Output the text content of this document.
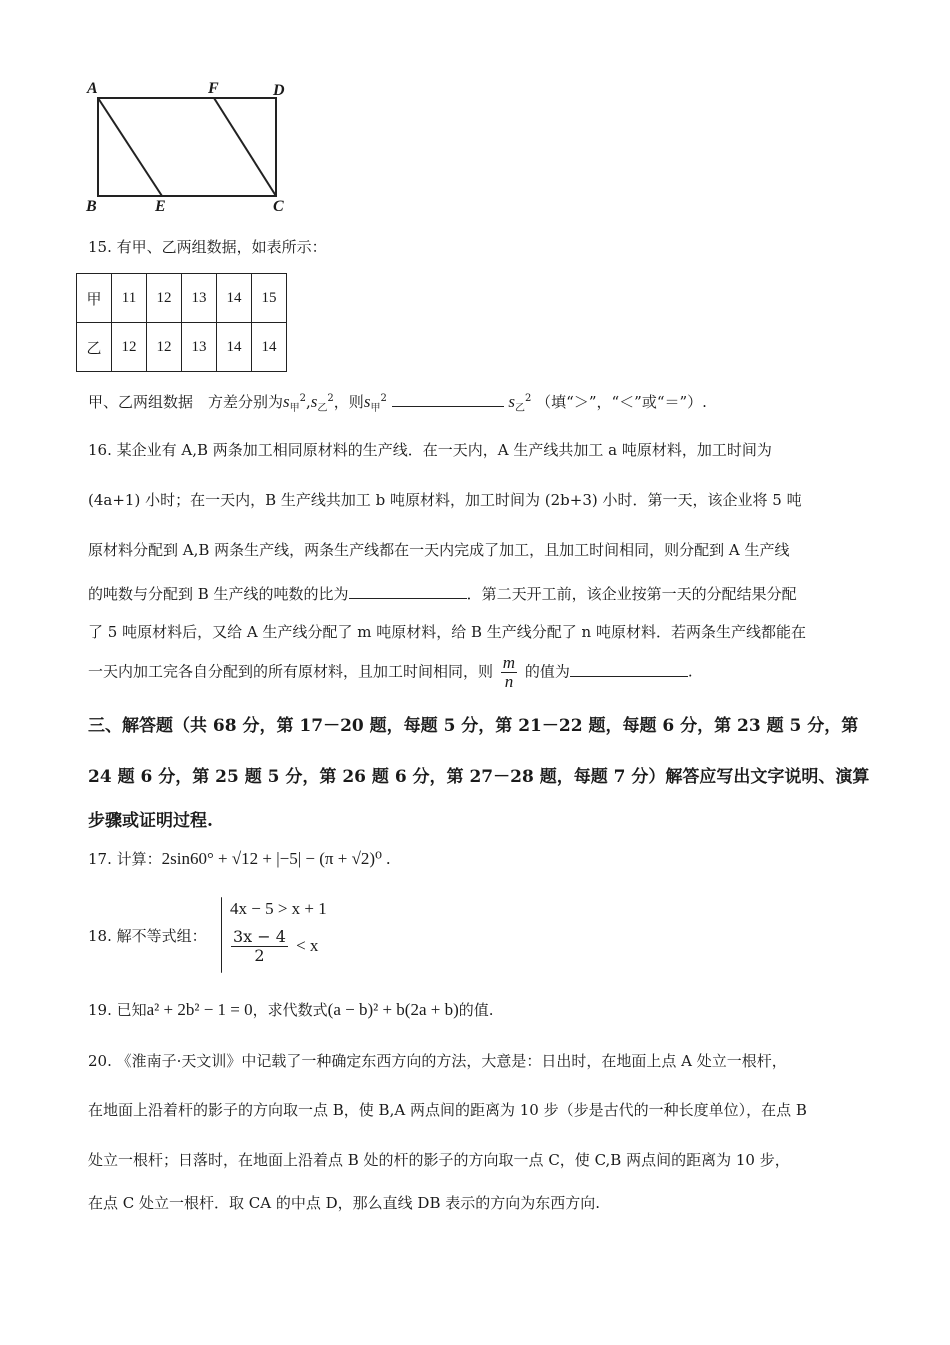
A	F	D
B	E	C
15. 有甲、乙两组数据，如表所示：
甲	11	12	13	14	15
乙	12	12	13	14	14
甲、乙两组数据　方差分别为$s_甲^2,s_乙^2$，则$s_甲^2$	$s_乙^2$ （填“＞”，“＜”或“＝”）.
16. 某企业有 A,B 两条加工相同原材料的生产线．在一天内，A 生产线共加工 a 吨原材料，加工时间为
(4a+1) 小时；在一天内，B 生产线共加工 b 吨原材料，加工时间为 (2b+3) 小时．第一天，该企业将 5 吨
原材料分配到 A,B 两条生产线，两条生产线都在一天内完成了加工，且加工时间相同，则分配到 A 生产线
的吨数与分配到 B 生产线的吨数的比为	．第二天开工前，该企业按第一天的分配结果分配
了 5 吨原材料后，又给 A 生产线分配了 m 吨原材料，给 B 生产线分配了 n 吨原材料．若两条生产线都能在
一天内加工完各自分配到的所有原材料，且加工时间相同，则 $\frac{m}{n}$ 的值为	.
三、解答题（共 68 分，第 17－20 题，每题 5 分，第 21－22 题，每题 6 分，第 23 题 5 分，第
24 题 6 分，第 25 题 5 分，第 26 题 6 分，第 27－28 题，每题 7 分）解答应写出文字说明、演算
步骤或证明过程.
17. 计算：2sin60° + √12 + |−5| − (π + √2)⁰ .
18. 解不等式组：
4x − 5 > x + 1
$\frac{3x - 4}{2} < x$
19. 已知a² + 2b² − 1 = 0，求代数式(a − b)² + b(2a + b)的值.
20. 《淮南子·天文训》中记载了一种确定东西方向的方法，大意是：日出时，在地面上点 A 处立一根杆，
在地面上沿着杆的影子的方向取一点 B，使 B,A 两点间的距离为 10 步（步是古代的一种长度单位），在点 B
处立一根杆；日落时，在地面上沿着点 B 处的杆的影子的方向取一点 C，使 C,B 两点间的距离为 10 步，
在点 C 处立一根杆．取 CA 的中点 D，那么直线 DB 表示的方向为东西方向.
